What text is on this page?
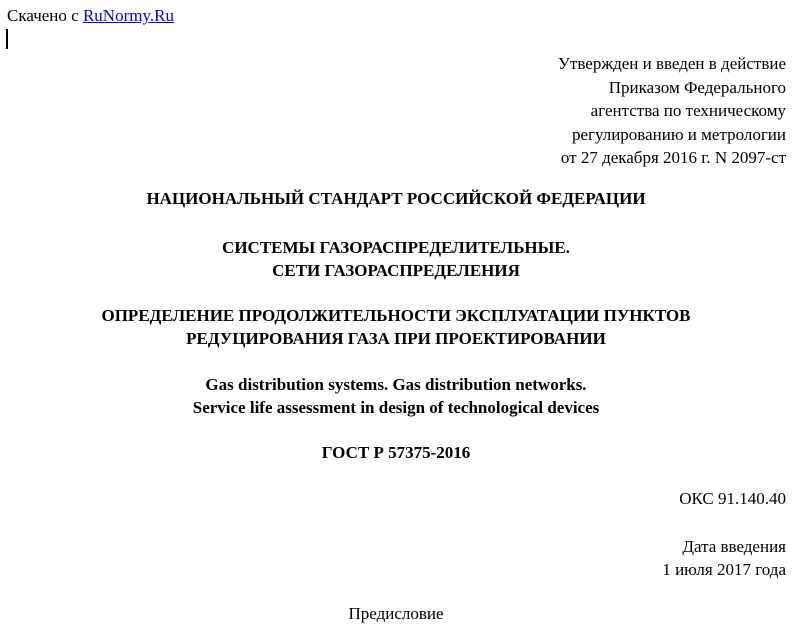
Скачено с RuNormy.Ru
Утвержден и введен в действие
Приказом Федерального
агентства по техническому
регулированию и метрологии
от 27 декабря 2016 г. N 2097-ст
НАЦИОНАЛЬНЫЙ СТАНДАРТ РОССИЙСКОЙ ФЕДЕРАЦИИ
СИСТЕМЫ ГАЗОРАСПРЕДЕЛИТЕЛЬНЫЕ.
СЕТИ ГАЗОРАСПРЕДЕЛЕНИЯ
ОПРЕДЕЛЕНИЕ ПРОДОЛЖИТЕЛЬНОСТИ ЭКСПЛУАТАЦИИ ПУНКТОВ
РЕДУЦИРОВАНИЯ ГАЗА ПРИ ПРОЕКТИРОВАНИИ
Gas distribution systems. Gas distribution networks.
Service life assessment in design of technological devices
ГОСТ Р 57375-2016
ОКС 91.140.40
Дата введения
1 июля 2017 года
Предисловие
